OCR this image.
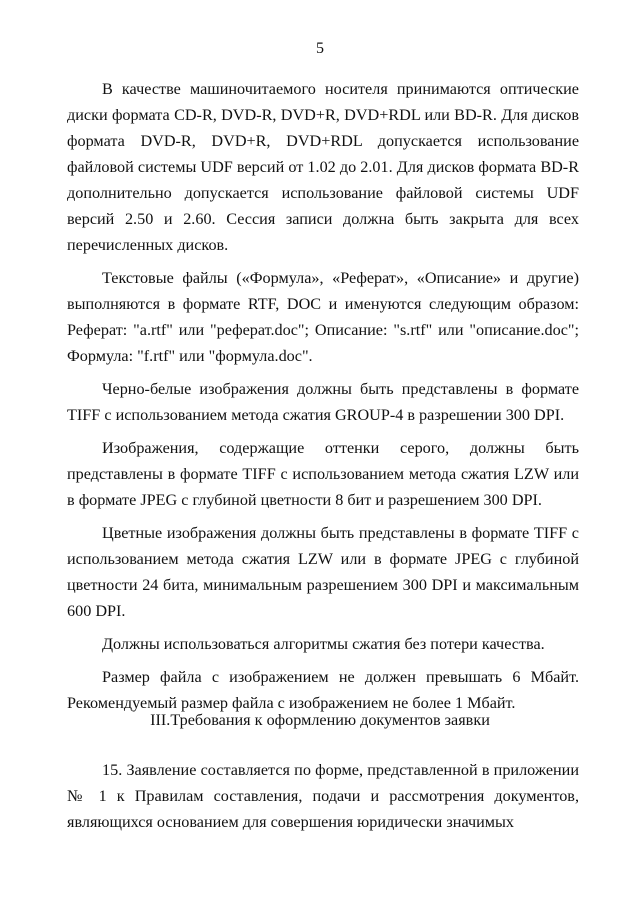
5

В качестве машиночитаемого носителя принимаются оптические диски формата CD-R, DVD-R, DVD+R, DVD+RDL или BD-R. Для дисков формата DVD-R, DVD+R, DVD+RDL допускается использование файловой системы UDF версий от 1.02 до 2.01. Для дисков формата BD-R дополнительно допускается использование файловой системы UDF версий 2.50 и 2.60. Сессия записи должна быть закрыта для всех перечисленных дисков.

Текстовые файлы («Формула», «Реферат», «Описание» и другие) выполняются в формате RTF, DOC и именуются следующим образом: Реферат: "a.rtf" или "реферат.doc"; Описание: "s.rtf" или "описание.doc"; Формула: "f.rtf" или "формула.doc".

Черно-белые изображения должны быть представлены в формате TIFF с использованием метода сжатия GROUP-4 в разрешении 300 DPI.

Изображения, содержащие оттенки серого, должны быть представлены в формате TIFF с использованием метода сжатия LZW или в формате JPEG с глубиной цветности 8 бит и разрешением 300 DPI.

Цветные изображения должны быть представлены в формате TIFF с использованием метода сжатия LZW или в формате JPEG с глубиной цветности 24 бита, минимальным разрешением 300 DPI и максимальным 600 DPI.

Должны использоваться алгоритмы сжатия без потери качества.

Размер файла с изображением не должен превышать 6 Мбайт. Рекомендуемый размер файла с изображением не более 1 Мбайт.

III.Требования к оформлению документов заявки

15. Заявление составляется по форме, представленной в приложении № 1 к Правилам составления, подачи и рассмотрения документов, являющихся основанием для совершения юридически значимых
